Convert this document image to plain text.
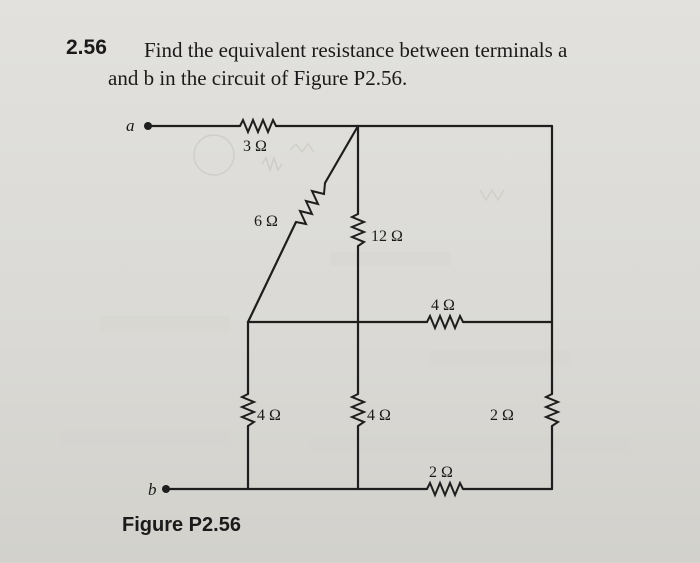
2.56 Find the equivalent resistance between terminals a
and b in the circuit of Figure P2.56.
a
3 Ω
2 Ω
6 Ω
12 Ω
4 Ω
4 Ω
4 Ω
b
2 Ω
Figure P2.56
